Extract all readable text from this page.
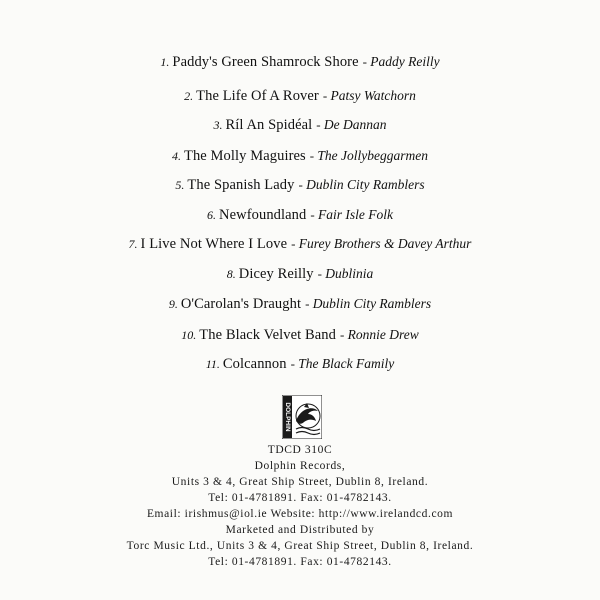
1. Paddy's Green Shamrock Shore - Paddy Reilly
2. The Life Of A Rover - Patsy Watchorn
3. Ríl An Spidéal - De Dannan
4. The Molly Maguires - The Jollybeggarmen
5. The Spanish Lady - Dublin City Ramblers
6. Newfoundland - Fair Isle Folk
7. I Live Not Where I Love - Furey Brothers & Davey Arthur
8. Dicey Reilly - Dublinia
9. O'Carolan's Draught - Dublin City Ramblers
10. The Black Velvet Band - Ronnie Drew
11. Colcannon - The Black Family
DOLPHIN
TDCD 310C
Dolphin Records,
Units 3 & 4, Great Ship Street, Dublin 8, Ireland.
Tel: 01-4781891. Fax: 01-4782143.
Email: irishmus@iol.ie Website: http://www.irelandcd.com
Marketed and Distributed by
Torc Music Ltd., Units 3 & 4, Great Ship Street, Dublin 8, Ireland.
Tel: 01-4781891. Fax: 01-4782143.
